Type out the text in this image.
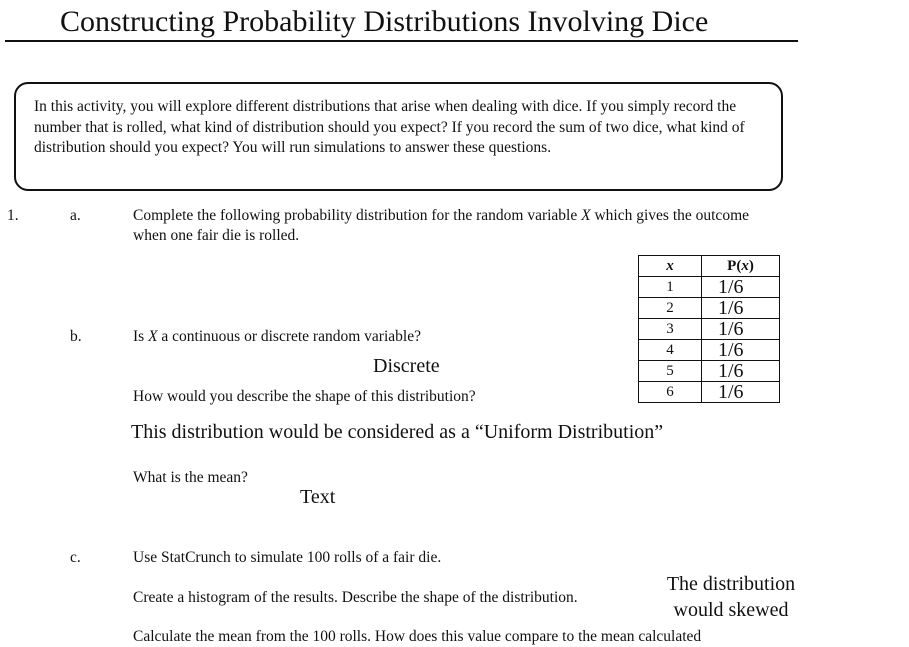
Constructing Probability Distributions Involving Dice
In this activity, you will explore different distributions that arise when dealing with dice. If you simply record the number that is rolled, what kind of distribution should you expect? If you record the sum of two dice, what kind of distribution should you expect? You will run simulations to answer these questions.
1.	a.	Complete the following probability distribution for the random variable X which gives the outcome when one fair die is rolled.
x	P(x)
1	1/6
2	1/6
3	1/6
4	1/6
5	1/6
6	1/6
b.	Is X a continuous or discrete random variable?
Discrete
How would you describe the shape of this distribution?
This distribution would be considered as a “Uniform Distribution”
What is the mean?
Text
c.	Use StatCrunch to simulate 100 rolls of a fair die.
Create a histogram of the results. Describe the shape of the distribution.
The distribution
would skewed
Calculate the mean from the 100 rolls. How does this value compare to the mean calculated
